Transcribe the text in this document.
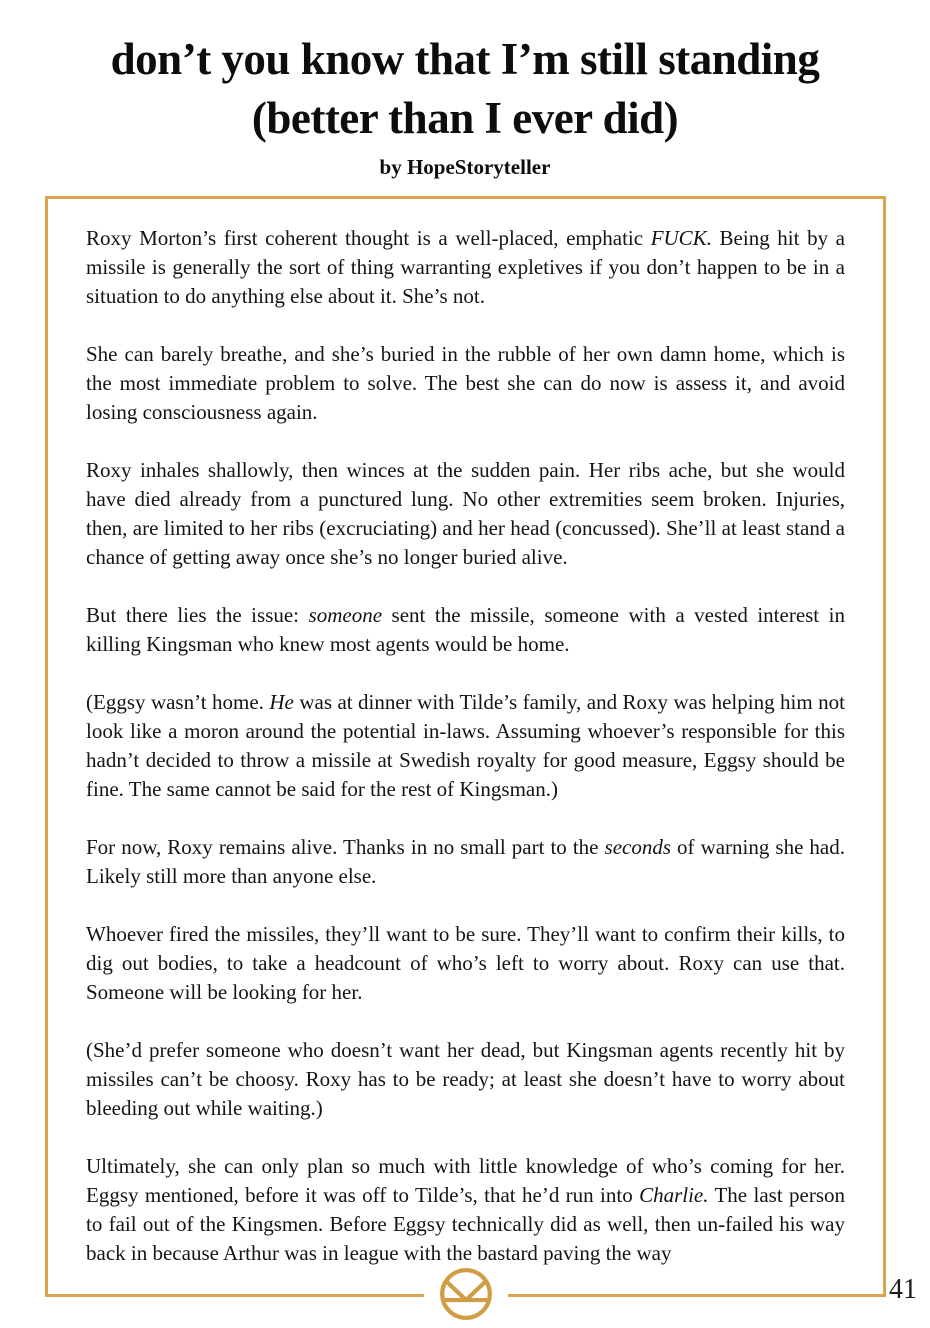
don’t you know that I’m still standing
(better than I ever did)
by HopeStoryteller

Roxy Morton’s first coherent thought is a well-placed, emphatic FUCK. Being hit by a missile is generally the sort of thing warranting expletives if you don’t happen to be in a situation to do anything else about it. She’s not.

She can barely breathe, and she’s buried in the rubble of her own damn home, which is the most immediate problem to solve. The best she can do now is assess it, and avoid losing consciousness again.

Roxy inhales shallowly, then winces at the sudden pain. Her ribs ache, but she would have died already from a punctured lung. No other extremities seem broken. Injuries, then, are limited to her ribs (excruciating) and her head (concussed). She’ll at least stand a chance of getting away once she’s no longer buried alive.

But there lies the issue: someone sent the missile, someone with a vested interest in killing Kingsman who knew most agents would be home.

(Eggsy wasn’t home. He was at dinner with Tilde’s family, and Roxy was helping him not look like a moron around the potential in-laws. Assuming whoever’s responsible for this hadn’t decided to throw a missile at Swedish royalty for good measure, Eggsy should be fine. The same cannot be said for the rest of Kingsman.)

For now, Roxy remains alive. Thanks in no small part to the seconds of warning she had. Likely still more than anyone else.

Whoever fired the missiles, they’ll want to be sure. They’ll want to confirm their kills, to dig out bodies, to take a headcount of who’s left to worry about. Roxy can use that. Someone will be looking for her.

(She’d prefer someone who doesn’t want her dead, but Kingsman agents recently hit by missiles can’t be choosy. Roxy has to be ready; at least she doesn’t have to worry about bleeding out while waiting.)

Ultimately, she can only plan so much with little knowledge of who’s coming for her. Eggsy mentioned, before it was off to Tilde’s, that he’d run into Charlie. The last person to fail out of the Kingsmen. Before Eggsy technically did as well, then un-failed his way back in because Arthur was in league with the bastard paving the way

41
